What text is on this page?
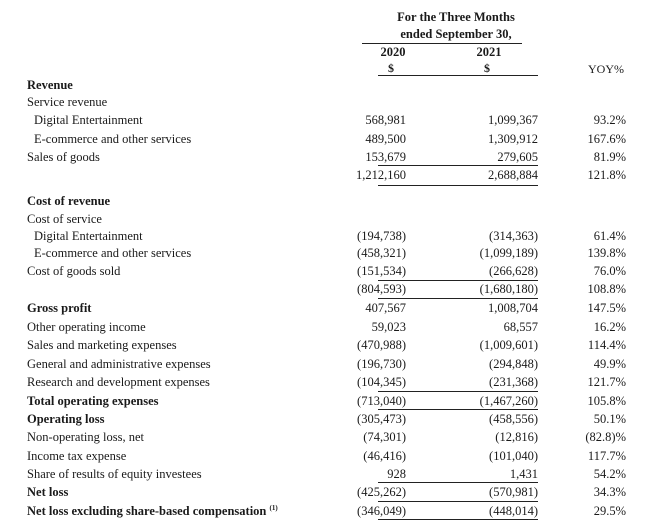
For the Three Months
ended September 30,
2020	2021
$	$	YOY%
Revenue
Service revenue
Digital Entertainment	568,981	1,099,367	93.2%
E-commerce and other services	489,500	1,309,912	167.6%
Sales of goods	153,679	279,605	81.9%
1,212,160	2,688,884	121.8%
Cost of revenue
Cost of service
Digital Entertainment	(194,738)	(314,363)	61.4%
E-commerce and other services	(458,321)	(1,099,189)	139.8%
Cost of goods sold	(151,534)	(266,628)	76.0%
(804,593)	(1,680,180)	108.8%
Gross profit	407,567	1,008,704	147.5%
Other operating income	59,023	68,557	16.2%
Sales and marketing expenses	(470,988)	(1,009,601)	114.4%
General and administrative expenses	(196,730)	(294,848)	49.9%
Research and development expenses	(104,345)	(231,368)	121.7%
Total operating expenses	(713,040)	(1,467,260)	105.8%
Operating loss	(305,473)	(458,556)	50.1%
Non-operating loss, net	(74,301)	(12,816)	(82.8)%
Income tax expense	(46,416)	(101,040)	117.7%
Share of results of equity investees	928	1,431	54.2%
Net loss	(425,262)	(570,981)	34.3%
Net loss excluding share-based compensation $^{(1)}$	(346,049)	(448,014)	29.5%
